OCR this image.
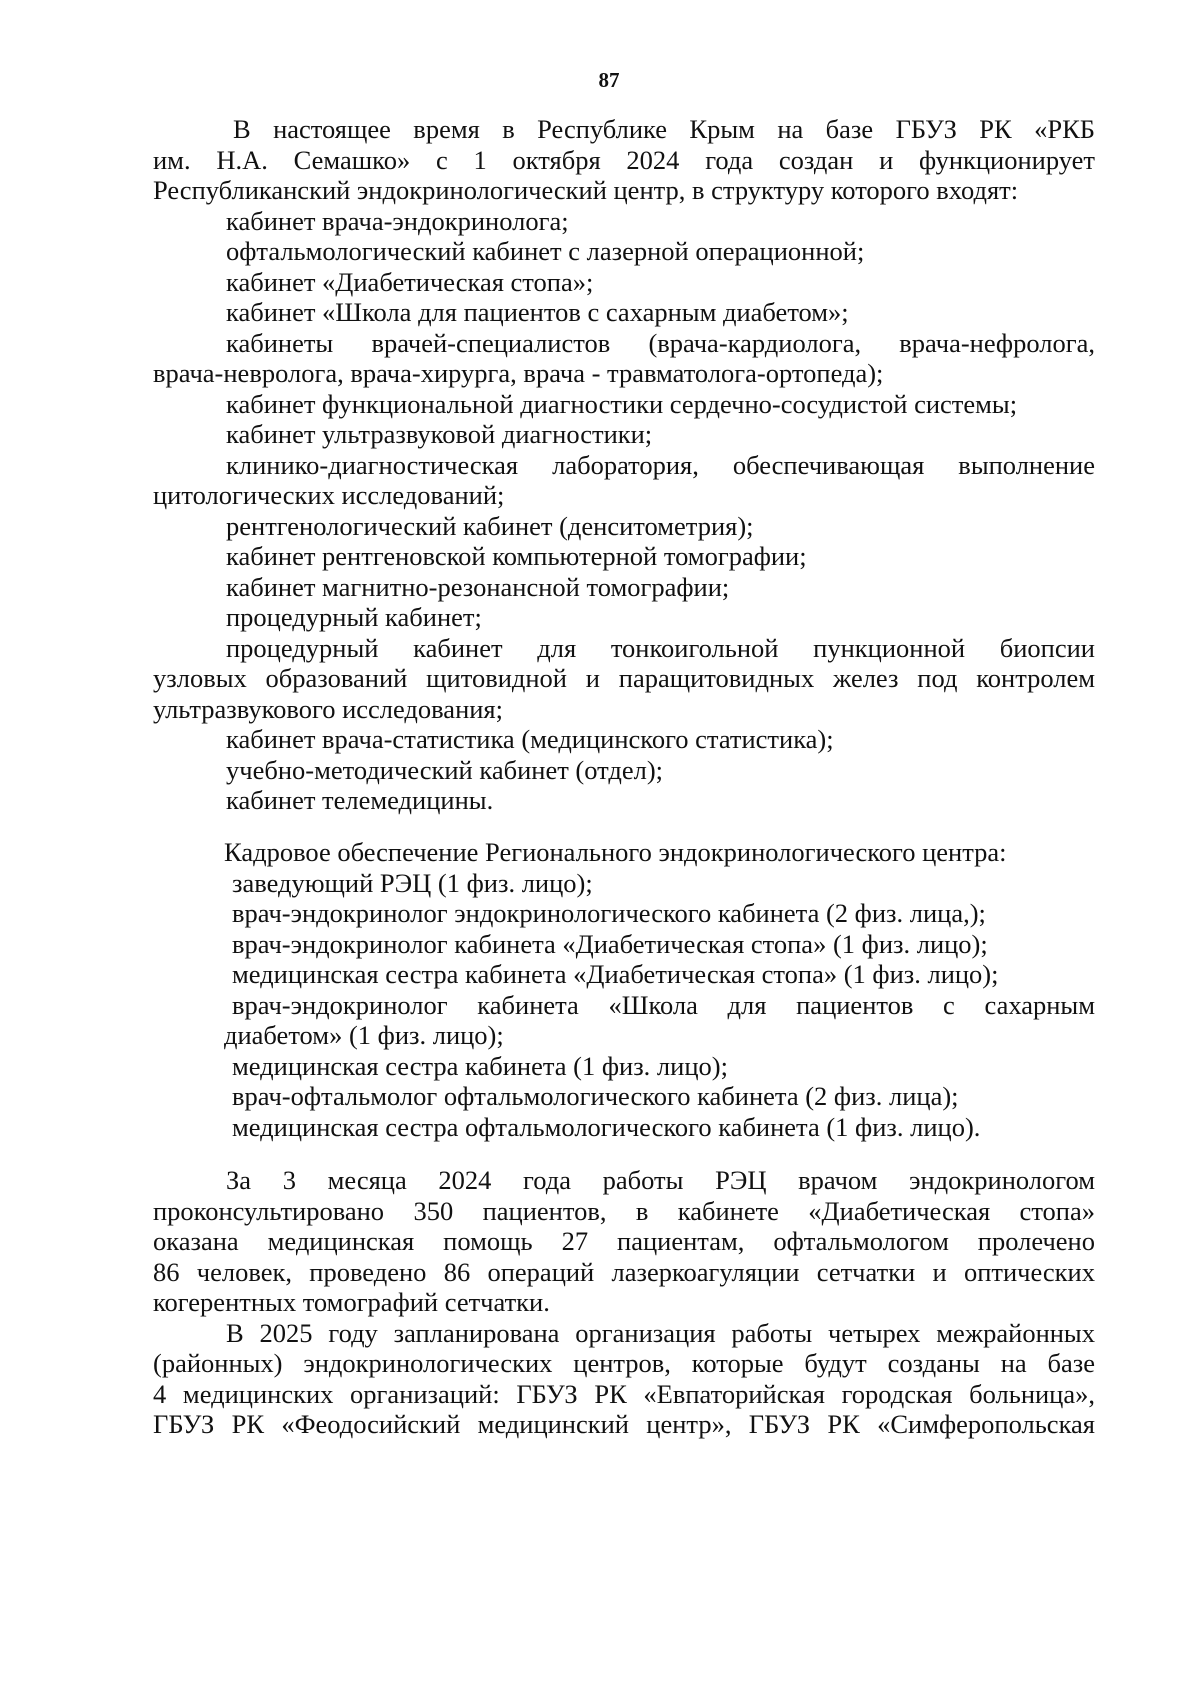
87
В настоящее время в Республике Крым на базе ГБУЗ РК «РКБ
им. Н.А. Семашко» с 1 октября 2024 года создан и функционирует
Республиканский эндокринологический центр, в структуру которого входят:
кабинет врача-эндокринолога;
офтальмологический кабинет с лазерной операционной;
кабинет «Диабетическая стопа»;
кабинет «Школа для пациентов с сахарным диабетом»;
кабинеты врачей-специалистов (врача-кардиолога, врача-нефролога,
врача-невролога, врача-хирурга, врача - травматолога-ортопеда);
кабинет функциональной диагностики сердечно-сосудистой системы;
кабинет ультразвуковой диагностики;
клинико-диагностическая лаборатория, обеспечивающая выполнение
цитологических исследований;
рентгенологический кабинет (денситометрия);
кабинет рентгеновской компьютерной томографии;
кабинет магнитно-резонансной томографии;
процедурный кабинет;
процедурный кабинет для тонкоигольной пункционной биопсии
узловых образований щитовидной и паращитовидных желез под контролем
ультразвукового исследования;
кабинет врача-статистика (медицинского статистика);
учебно-методический кабинет (отдел);
кабинет телемедицины.
Кадровое обеспечение Регионального эндокринологического центра:
заведующий РЭЦ (1 физ. лицо);
врач-эндокринолог эндокринологического кабинета (2 физ. лица,);
врач-эндокринолог кабинета «Диабетическая стопа» (1 физ. лицо);
медицинская сестра кабинета «Диабетическая стопа» (1 физ. лицо);
врач-эндокринолог кабинета «Школа для пациентов с сахарным
диабетом» (1 физ. лицо);
медицинская сестра кабинета (1 физ. лицо);
врач-офтальмолог офтальмологического кабинета (2 физ. лица);
медицинская сестра офтальмологического кабинета (1 физ. лицо).
За 3 месяца 2024 года работы РЭЦ врачом эндокринологом
проконсультировано 350 пациентов, в кабинете «Диабетическая стопа»
оказана медицинская помощь 27 пациентам, офтальмологом пролечено
86 человек, проведено 86 операций лазеркоагуляции сетчатки и оптических
когерентных томографий сетчатки.
В 2025 году запланирована организация работы четырех межрайонных
(районных) эндокринологических центров, которые будут созданы на базе
4 медицинских организаций: ГБУЗ РК «Евпаторийская городская больница»,
ГБУЗ РК «Феодосийский медицинский центр», ГБУЗ РК «Симферопольская
